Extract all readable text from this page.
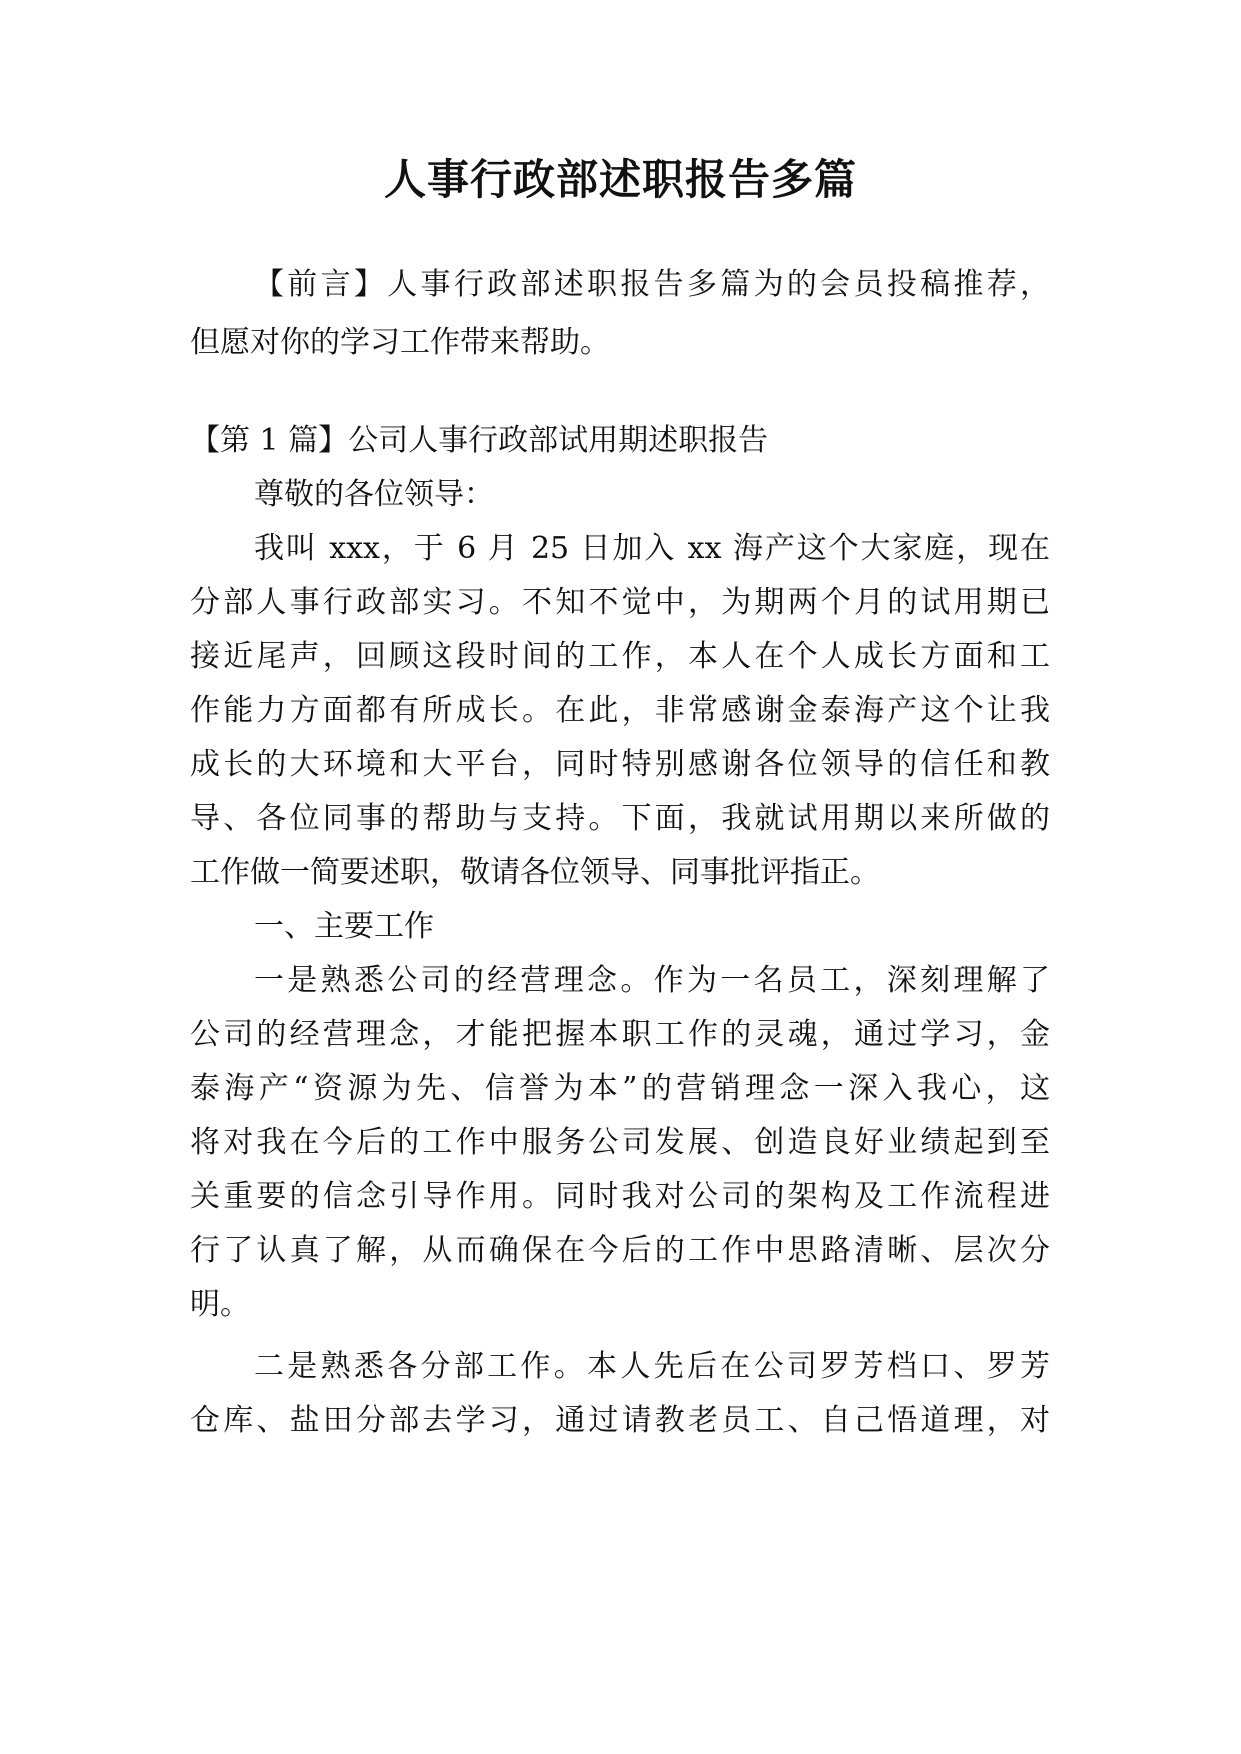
人事行政部述职报告多篇
【前言】人事行政部述职报告多篇为的会员投稿推荐，
但愿对你的学习工作带来帮助。
【第 1 篇】公司人事行政部试用期述职报告
尊敬的各位领导：
我叫 xxx，于 6 月 25 日加入 xx 海产这个大家庭，现在
分部人事行政部实习。不知不觉中，为期两个月的试用期已
接近尾声，回顾这段时间的工作，本人在个人成长方面和工
作能力方面都有所成长。在此，非常感谢金泰海产这个让我
成长的大环境和大平台，同时特别感谢各位领导的信任和教
导、各位同事的帮助与支持。下面，我就试用期以来所做的
工作做一简要述职，敬请各位领导、同事批评指正。
一、主要工作
一是熟悉公司的经营理念。作为一名员工，深刻理解了
公司的经营理念，才能把握本职工作的灵魂，通过学习，金
泰海产“资源为先、信誉为本”的营销理念一深入我心，这
将对我在今后的工作中服务公司发展、创造良好业绩起到至
关重要的信念引导作用。同时我对公司的架构及工作流程进
行了认真了解，从而确保在今后的工作中思路清晰、层次分
明。
二是熟悉各分部工作。本人先后在公司罗芳档口、罗芳
仓库、盐田分部去学习，通过请教老员工、自己悟道理，对
